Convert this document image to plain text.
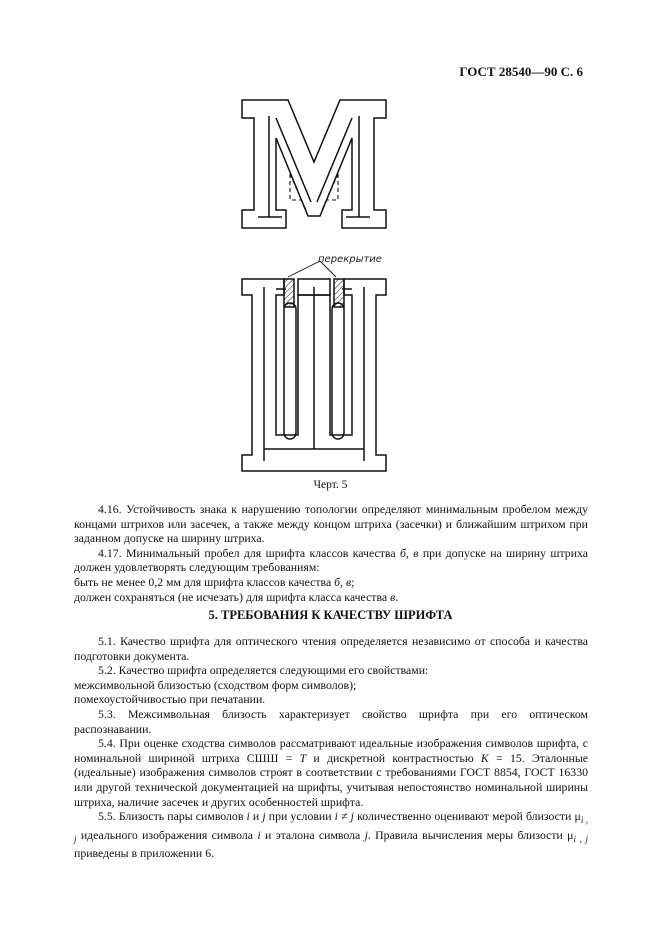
ГОСТ 28540—90 С. 6
перекрытие
Черт. 5

4.16. Устойчивость знака к нарушению топологии определяют минимальным пробелом между концами штрихов или засечек, а также между концом штриха (засечки) и ближайшим штрихом при заданном допуске на ширину штриха.

4.17. Минимальный пробел для шрифта классов качества б, в при допуске на ширину штриха должен удовлетворять следующим требованиям:

быть не менее 0,2 мм для шрифта классов качества б, в;

должен сохраняться (не исчезать) для шрифта класса качества в.

5. ТРЕБОВАНИЯ К КАЧЕСТВУ ШРИФТА

5.1. Качество шрифта для оптического чтения определяется независимо от способа и качества подготовки документа.

5.2. Качество шрифта определяется следующими его свойствами:

межсимвольной близостью (сходством форм символов);

помехоустойчивостью при печатании.

5.3. Межсимвольная близость характеризует свойство шрифта при его оптическом распознавании.

5.4. При оценке сходства символов рассматривают идеальные изображения символов шрифта, с номинальной шириной штриха СШШ = T и дискретной контрастностью K = 15. Эталонные (идеальные) изображения символов строят в соответствии с требованиями ГОСТ 8854, ГОСТ 16330 или другой технической документацией на шрифты, учитывая непостоянство номинальной ширины штриха, наличие засечек и других особенностей шрифта.

5.5. Близость пары символов i и j при условии i ≠ j количественно оценивают мерой близости $\mu_{i , j}$ идеального изображения символа i и эталона символа j. Правила вычисления меры близости $\mu_{i , j}$ приведены в приложении 6.
